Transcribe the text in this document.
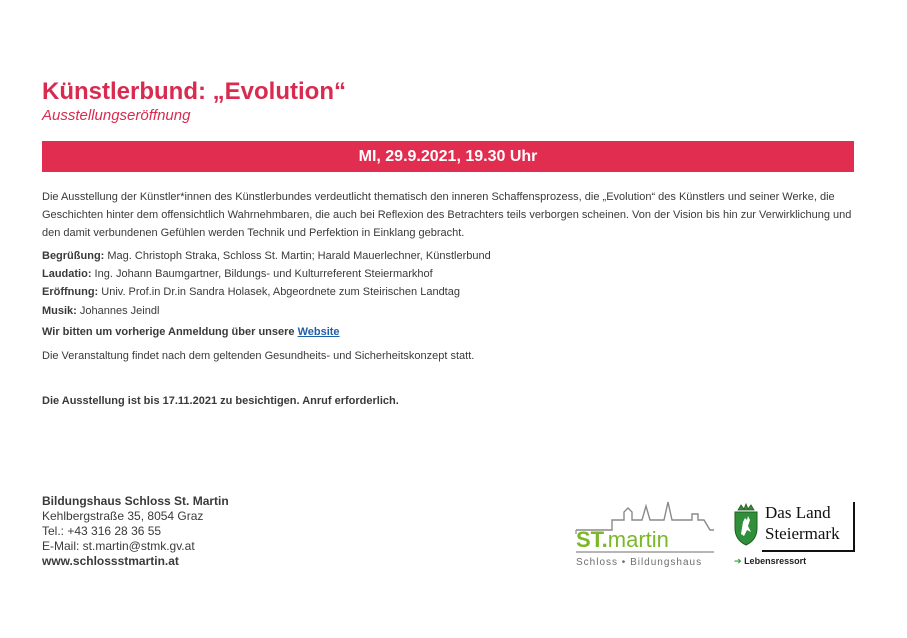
Künstlerbund: „Evolution“
Ausstellungseröffnung
MI, 29.9.2021, 19.30 Uhr
Die Ausstellung der Künstler*innen des Künstlerbundes verdeutlicht thematisch den inneren Schaffensprozess, die „Evolution“ des Künstlers und seiner Werke, die Geschichten hinter dem offensichtlich Wahrnehmbaren, die auch bei Reflexion des Betrachters teils verborgen scheinen. Von der Vision bis hin zur Verwirklichung und den damit verbundenen Gefühlen werden Technik und Perfektion in Einklang gebracht.
Begrüßung: Mag. Christoph Straka, Schloss St. Martin; Harald Mauerlechner, Künstlerbund
Laudatio: Ing. Johann Baumgartner, Bildungs- und Kulturreferent Steiermarkhof
Eröffnung: Univ. Prof.in Dr.in Sandra Holasek, Abgeordnete zum Steirischen Landtag
Musik: Johannes Jeindl
Wir bitten um vorherige Anmeldung über unsere Website
Die Veranstaltung findet nach dem geltenden Gesundheits- und Sicherheitskonzept statt.
Die Ausstellung ist bis 17.11.2021 zu besichtigen. Anruf erforderlich.
Bildungshaus Schloss St. Martin
Kehlbergstraße 35, 8054 Graz
Tel.: +43 316 28 36 55
E-Mail: st.martin@stmk.gv.at
www.schlossstmartin.at
ST.martin
Schloss • Bildungshaus
Das Land
Steiermark
➔ Lebensressort
